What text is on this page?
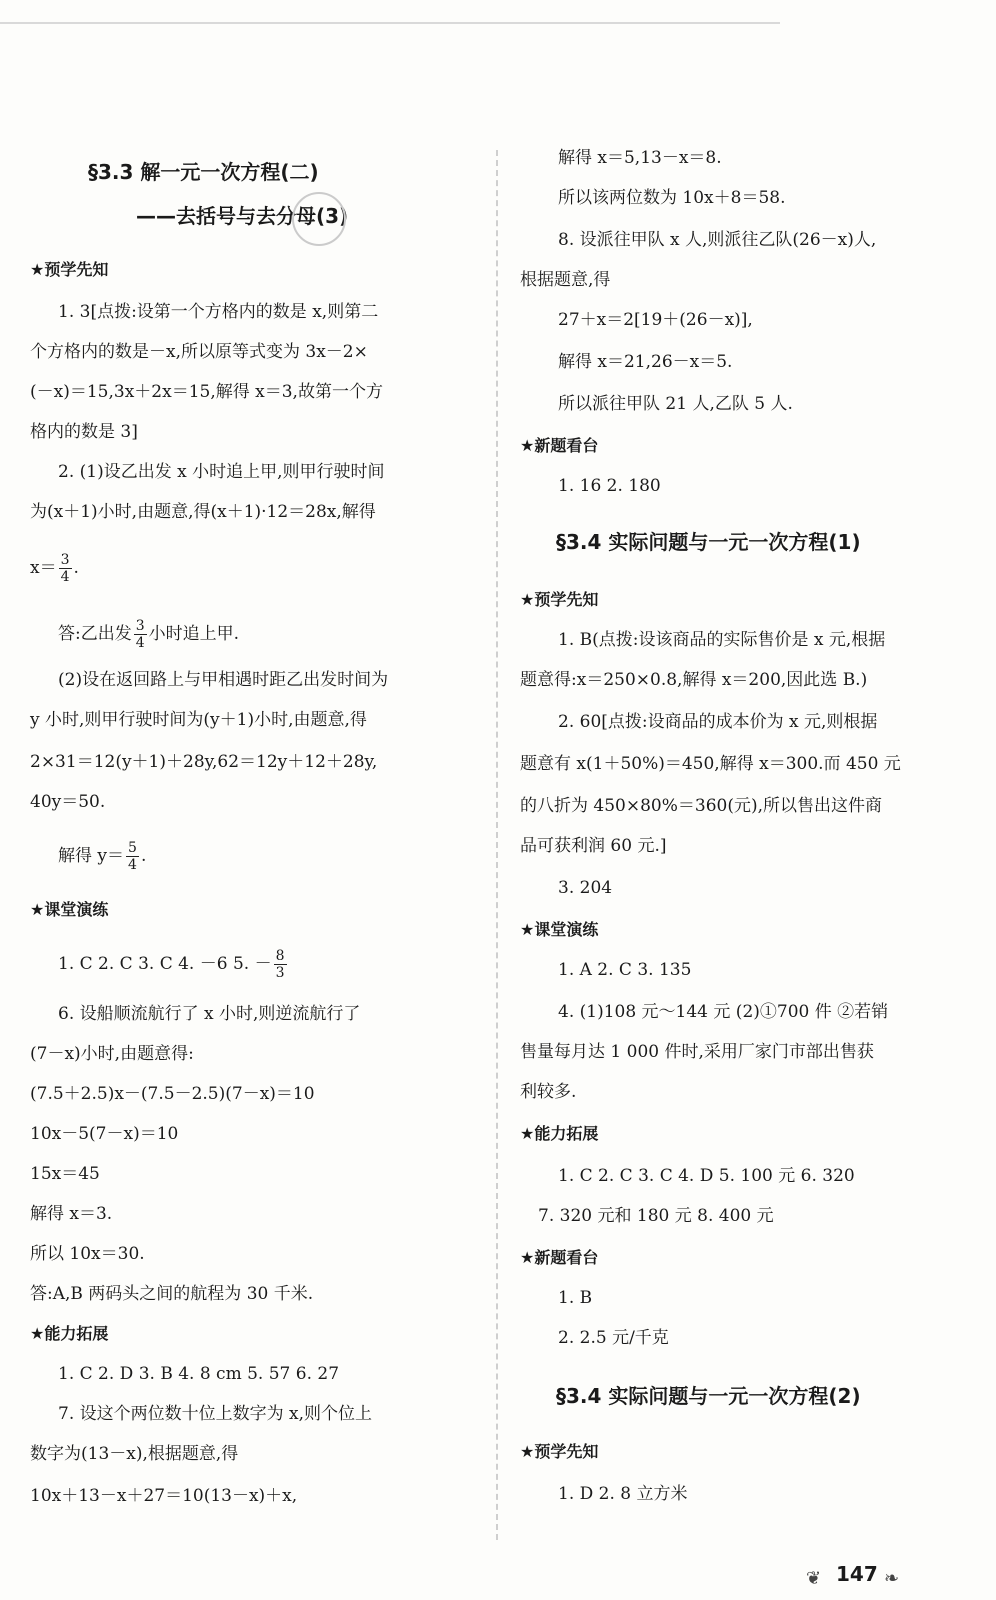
§3.3 解一元一次方程(二)
——去括号与去分母(3)
★预学先知
1. 3[点拨:设第一个方格内的数是 x,则第二
个方格内的数是－x,所以原等式变为 3x－2×
(－x)＝15,3x＋2x＝15,解得 x＝3,故第一个方
格内的数是 3]
2. (1)设乙出发 x 小时追上甲,则甲行驶时间
为(x＋1)小时,由题意,得(x＋1)·12＝28x,解得
$x= \frac{3}{4}$ .
答:乙出发 $\frac{3}{4}$ 小时追上甲.
(2)设在返回路上与甲相遇时距乙出发时间为
y 小时,则甲行驶时间为(y＋1)小时,由题意,得
2×31＝12(y＋1)＋28y,62＝12y＋12＋28y,
40y＝50.
解得 $y= \frac{5}{4}$ .
★课堂演练
1. C 2. C 3. C 4. －6 5. － $\frac{8}{3}$
6. 设船顺流航行了 x 小时,则逆流航行了
(7－x)小时,由题意得:
(7.5＋2.5)x－(7.5－2.5)(7－x)＝10
10x－5(7－x)＝10
15x＝45
解得 x＝3.
所以 10x＝30.
答:A,B 两码头之间的航程为 30 千米.
★能力拓展
1. C 2. D 3. B 4. 8 cm 5. 57 6. 27
7. 设这个两位数十位上数字为 x,则个位上
数字为(13－x),根据题意,得
10x＋13－x＋27＝10(13－x)＋x,
解得 x＝5,13－x＝8.
所以该两位数为 10x＋8＝58.
8. 设派往甲队 x 人,则派往乙队(26－x)人,
根据题意,得
27＋x＝2[19＋(26－x)],
解得 x＝21,26－x＝5.
所以派往甲队 21 人,乙队 5 人.
★新题看台
1. 16 2. 180
§3.4 实际问题与一元一次方程(1)
★预学先知
1. B(点拨:设该商品的实际售价是 x 元,根据
题意得:x＝250×0.8,解得 x＝200,因此选 B.)
2. 60[点拨:设商品的成本价为 x 元,则根据
题意有 x(1＋50%)＝450,解得 x＝300.而 450 元
的八折为 450×80%＝360(元),所以售出这件商
品可获利润 60 元.]
3. 204
★课堂演练
1. A 2. C 3. 135
4. (1)108 元～144 元 (2)①700 件 ②若销
售量每月达 1 000 件时,采用厂家门市部出售获
利较多.
★能力拓展
1. C 2. C 3. C 4. D 5. 100 元 6. 320
7. 320 元和 180 元 8. 400 元
★新题看台
1. B
2. 2.5 元/千克
§3.4 实际问题与一元一次方程(2)
★预学先知
1. D 2. 8 立方米
❦ 147 ❧
